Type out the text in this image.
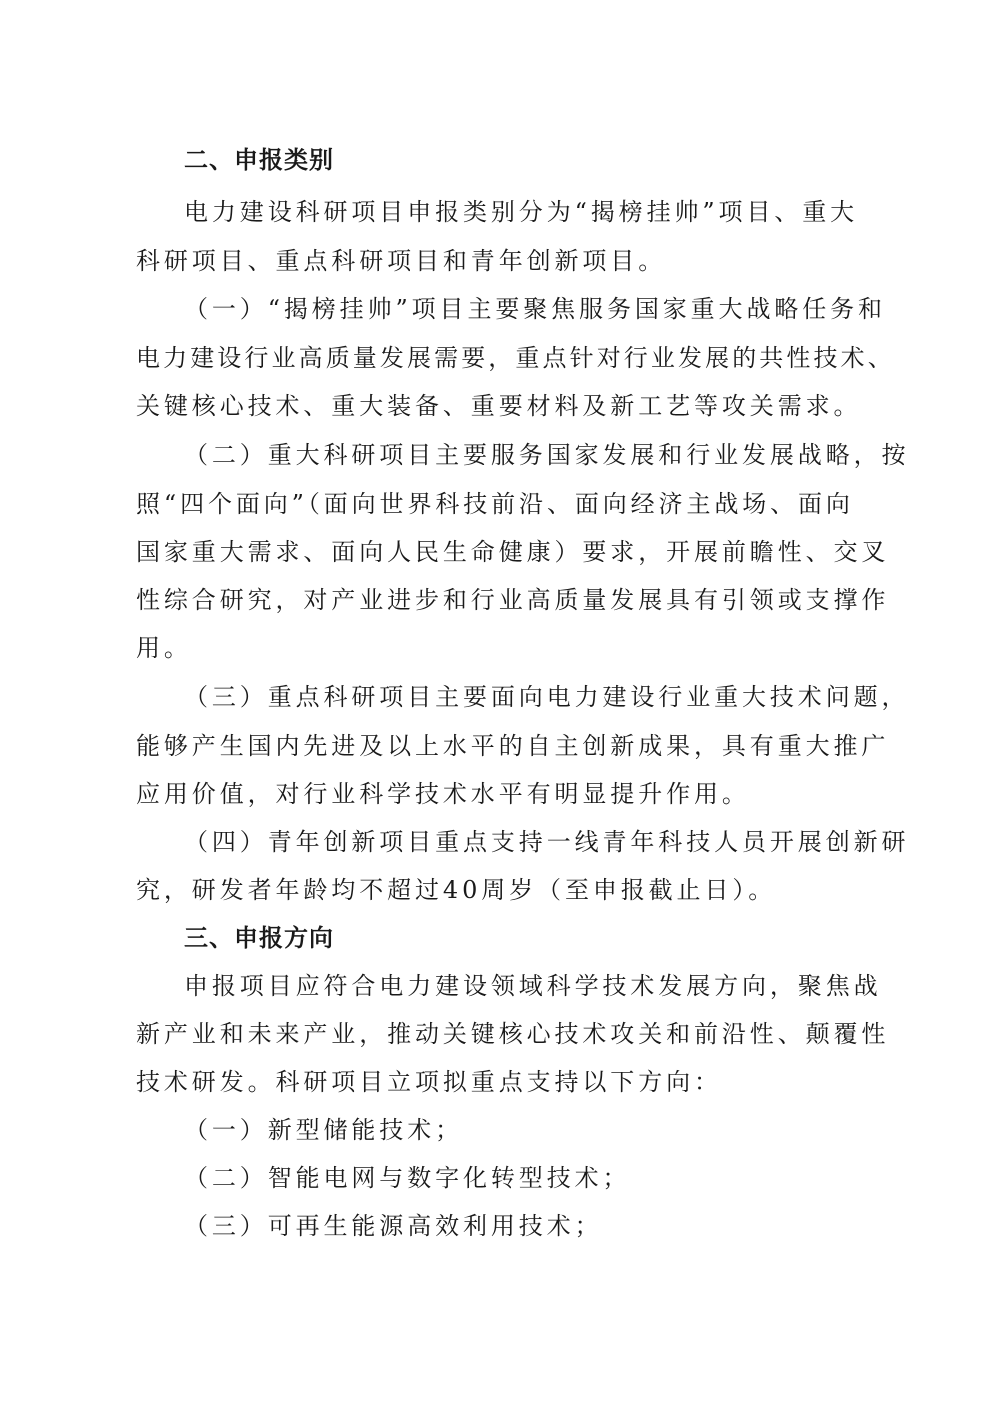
二、申报类别
电力建设科研项目申报类别分为“揭榜挂帅”项目、重大
科研项目、重点科研项目和青年创新项目。
（一）“揭榜挂帅”项目主要聚焦服务国家重大战略任务和
电力建设行业高质量发展需要，重点针对行业发展的共性技术、
关键核心技术、重大装备、重要材料及新工艺等攻关需求。
（二）重大科研项目主要服务国家发展和行业发展战略，按
照“四个面向”（面向世界科技前沿、面向经济主战场、面向
国家重大需求、面向人民生命健康）要求，开展前瞻性、交叉
性综合研究，对产业进步和行业高质量发展具有引领或支撑作
用。
（三）重点科研项目主要面向电力建设行业重大技术问题，
能够产生国内先进及以上水平的自主创新成果，具有重大推广
应用价值，对行业科学技术水平有明显提升作用。
（四）青年创新项目重点支持一线青年科技人员开展创新研
究，研发者年龄均不超过40周岁（至申报截止日）。
三、申报方向
申报项目应符合电力建设领域科学技术发展方向，聚焦战
新产业和未来产业，推动关键核心技术攻关和前沿性、颠覆性
技术研发。科研项目立项拟重点支持以下方向：
（一）新型储能技术；
（二）智能电网与数字化转型技术；
（三）可再生能源高效利用技术；
